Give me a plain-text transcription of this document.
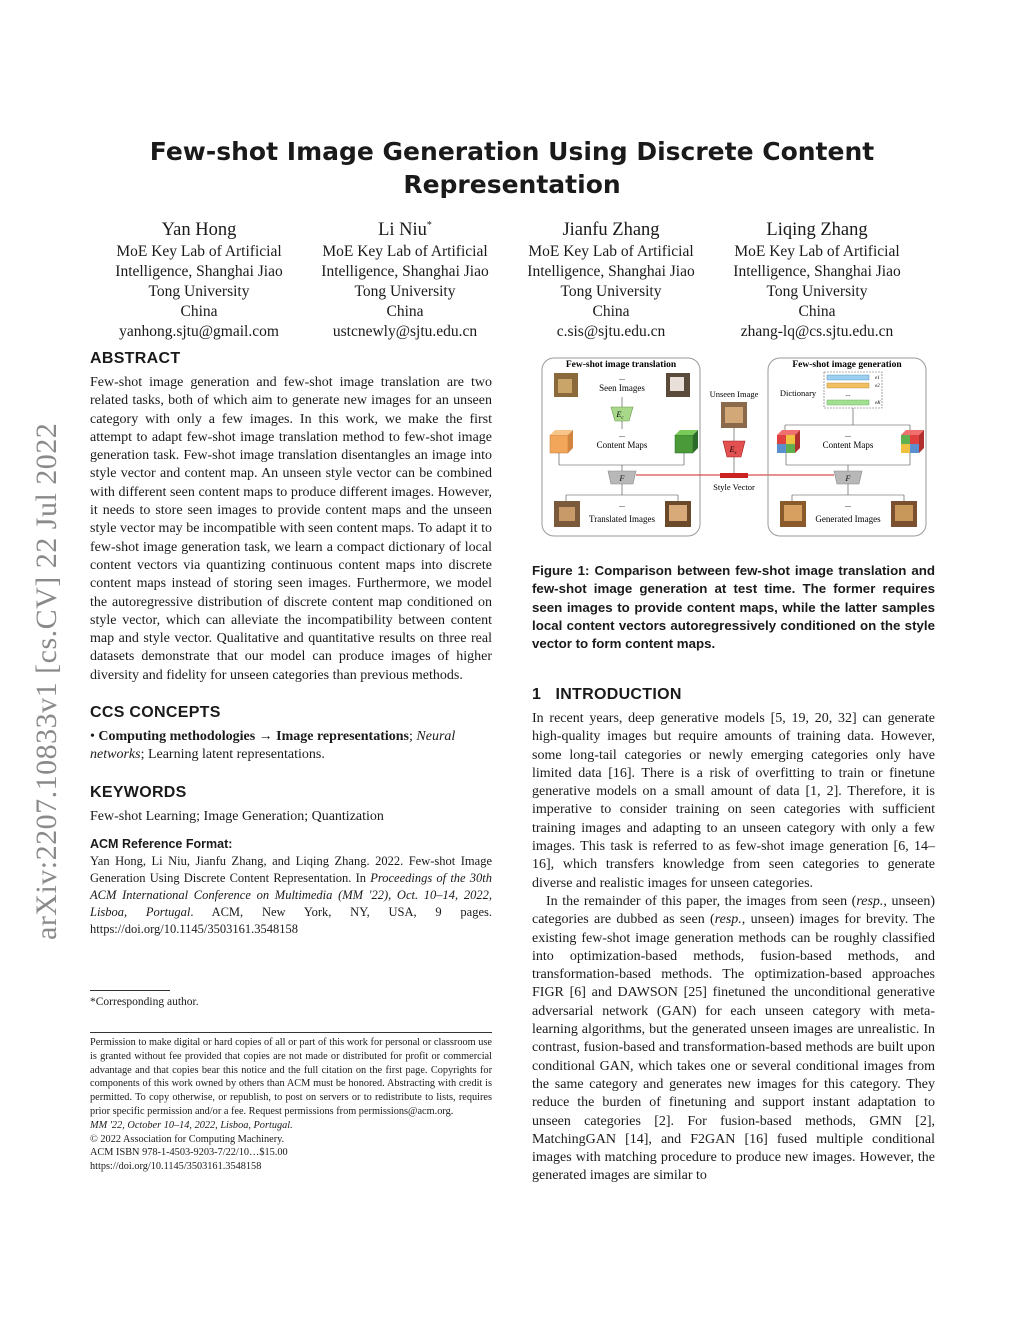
arXiv:2207.10833v1 [cs.CV] 22 Jul 2022
Few-shot Image Generation Using Discrete Content Representation
Yan Hong
MoE Key Lab of Artificial
Intelligence, Shanghai Jiao
Tong University
China
yanhong.sjtu@gmail.com
Li Niu*
MoE Key Lab of Artificial
Intelligence, Shanghai Jiao
Tong University
China
ustcnewly@sjtu.edu.cn
Jianfu Zhang
MoE Key Lab of Artificial
Intelligence, Shanghai Jiao
Tong University
China
c.sis@sjtu.edu.cn
Liqing Zhang
MoE Key Lab of Artificial
Intelligence, Shanghai Jiao
Tong University
China
zhang-lq@cs.sjtu.edu.cn
ABSTRACT

Few-shot image generation and few-shot image translation are two related tasks, both of which aim to generate new images for an unseen category with only a few images. In this work, we make the first attempt to adapt few-shot image translation method to few-shot image generation task. Few-shot image translation disentangles an image into style vector and content map. An unseen style vector can be combined with different seen content maps to produce different images. However, it needs to store seen images to provide content maps and the unseen style vector may be incompatible with seen content maps. To adapt it to few-shot image generation task, we learn a compact dictionary of local content vectors via quantizing continuous content maps into discrete content maps instead of storing seen images. Furthermore, we model the autoregressive distribution of discrete content map conditioned on style vector, which can alleviate the incompatibility between content map and style vector. Qualitative and quantitative results on three real datasets demonstrate that our model can produce images of higher diversity and fidelity for unseen categories than previous methods.

CCS CONCEPTS

• Computing methodologies → Image representations; Neural networks; Learning latent representations.

KEYWORDS

Few-shot Learning; Image Generation; Quantization

ACM Reference Format:
Yan Hong, Li Niu, Jianfu Zhang, and Liqing Zhang. 2022. Few-shot Image Generation Using Discrete Content Representation. In Proceedings of the 30th ACM International Conference on Multimedia (MM '22), Oct. 10–14, 2022, Lisboa, Portugal. ACM, New York, NY, USA, 9 pages. https://doi.org/10.1145/3503161.3548158
*Corresponding author.
Permission to make digital or hard copies of all or part of this work for personal or classroom use is granted without fee provided that copies are not made or distributed for profit or commercial advantage and that copies bear this notice and the full citation on the first page. Copyrights for components of this work owned by others than ACM must be honored. Abstracting with credit is permitted. To copy otherwise, or republish, to post on servers or to redistribute to lists, requires prior specific permission and/or a fee. Request permissions from permissions@acm.org.
MM '22, October 10–14, 2022, Lisboa, Portugal.
© 2022 Association for Computing Machinery.
ACM ISBN 978-1-4503-9203-7/22/10…$15.00
https://doi.org/10.1145/3503161.3548158
Few-shot image translation
...
Seen Images
$E_c$
...
Content Maps
F
...
Translated Images
Unseen Image
$E_s$
Style Vector
Few-shot image generation
Dictionary
e1
e2
...
eK
...
Content Maps
F
...
Generated Images
Figure 1: Comparison between few-shot image translation and few-shot image generation at test time. The former requires seen images to provide content maps, while the latter samples local content vectors autoregressively conditioned on the style vector to form content maps.
1 INTRODUCTION

In recent years, deep generative models [5, 19, 20, 32] can generate high-quality images but require amounts of training data. However, some long-tail categories or newly emerging categories only have limited data [16]. There is a risk of overfitting to train or finetune generative models on a small amount of data [1, 2]. Therefore, it is imperative to consider training on seen categories with sufficient training images and adapting to an unseen category with only a few images. This task is referred to as few-shot image generation [6, 14–16], which transfers knowledge from seen categories to generate diverse and realistic images for unseen categories.

In the remainder of this paper, the images from seen (resp., unseen) categories are dubbed as seen (resp., unseen) images for brevity. The existing few-shot image generation methods can be roughly classified into optimization-based methods, fusion-based methods, and transformation-based methods. The optimization-based approaches FIGR [6] and DAWSON [25] finetuned the unconditional generative adversarial network (GAN) for each unseen category with meta-learning algorithms, but the generated unseen images are unrealistic. In contrast, fusion-based and transformation-based methods are built upon conditional GAN, which takes one or several conditional images from the same category and generates new images for this category. They reduce the burden of finetuning and support instant adaptation to unseen categories [2]. For fusion-based methods, GMN [2], MatchingGAN [14], and F2GAN [16] fused multiple conditional images with matching procedure to produce new images. However, the generated images are similar to
